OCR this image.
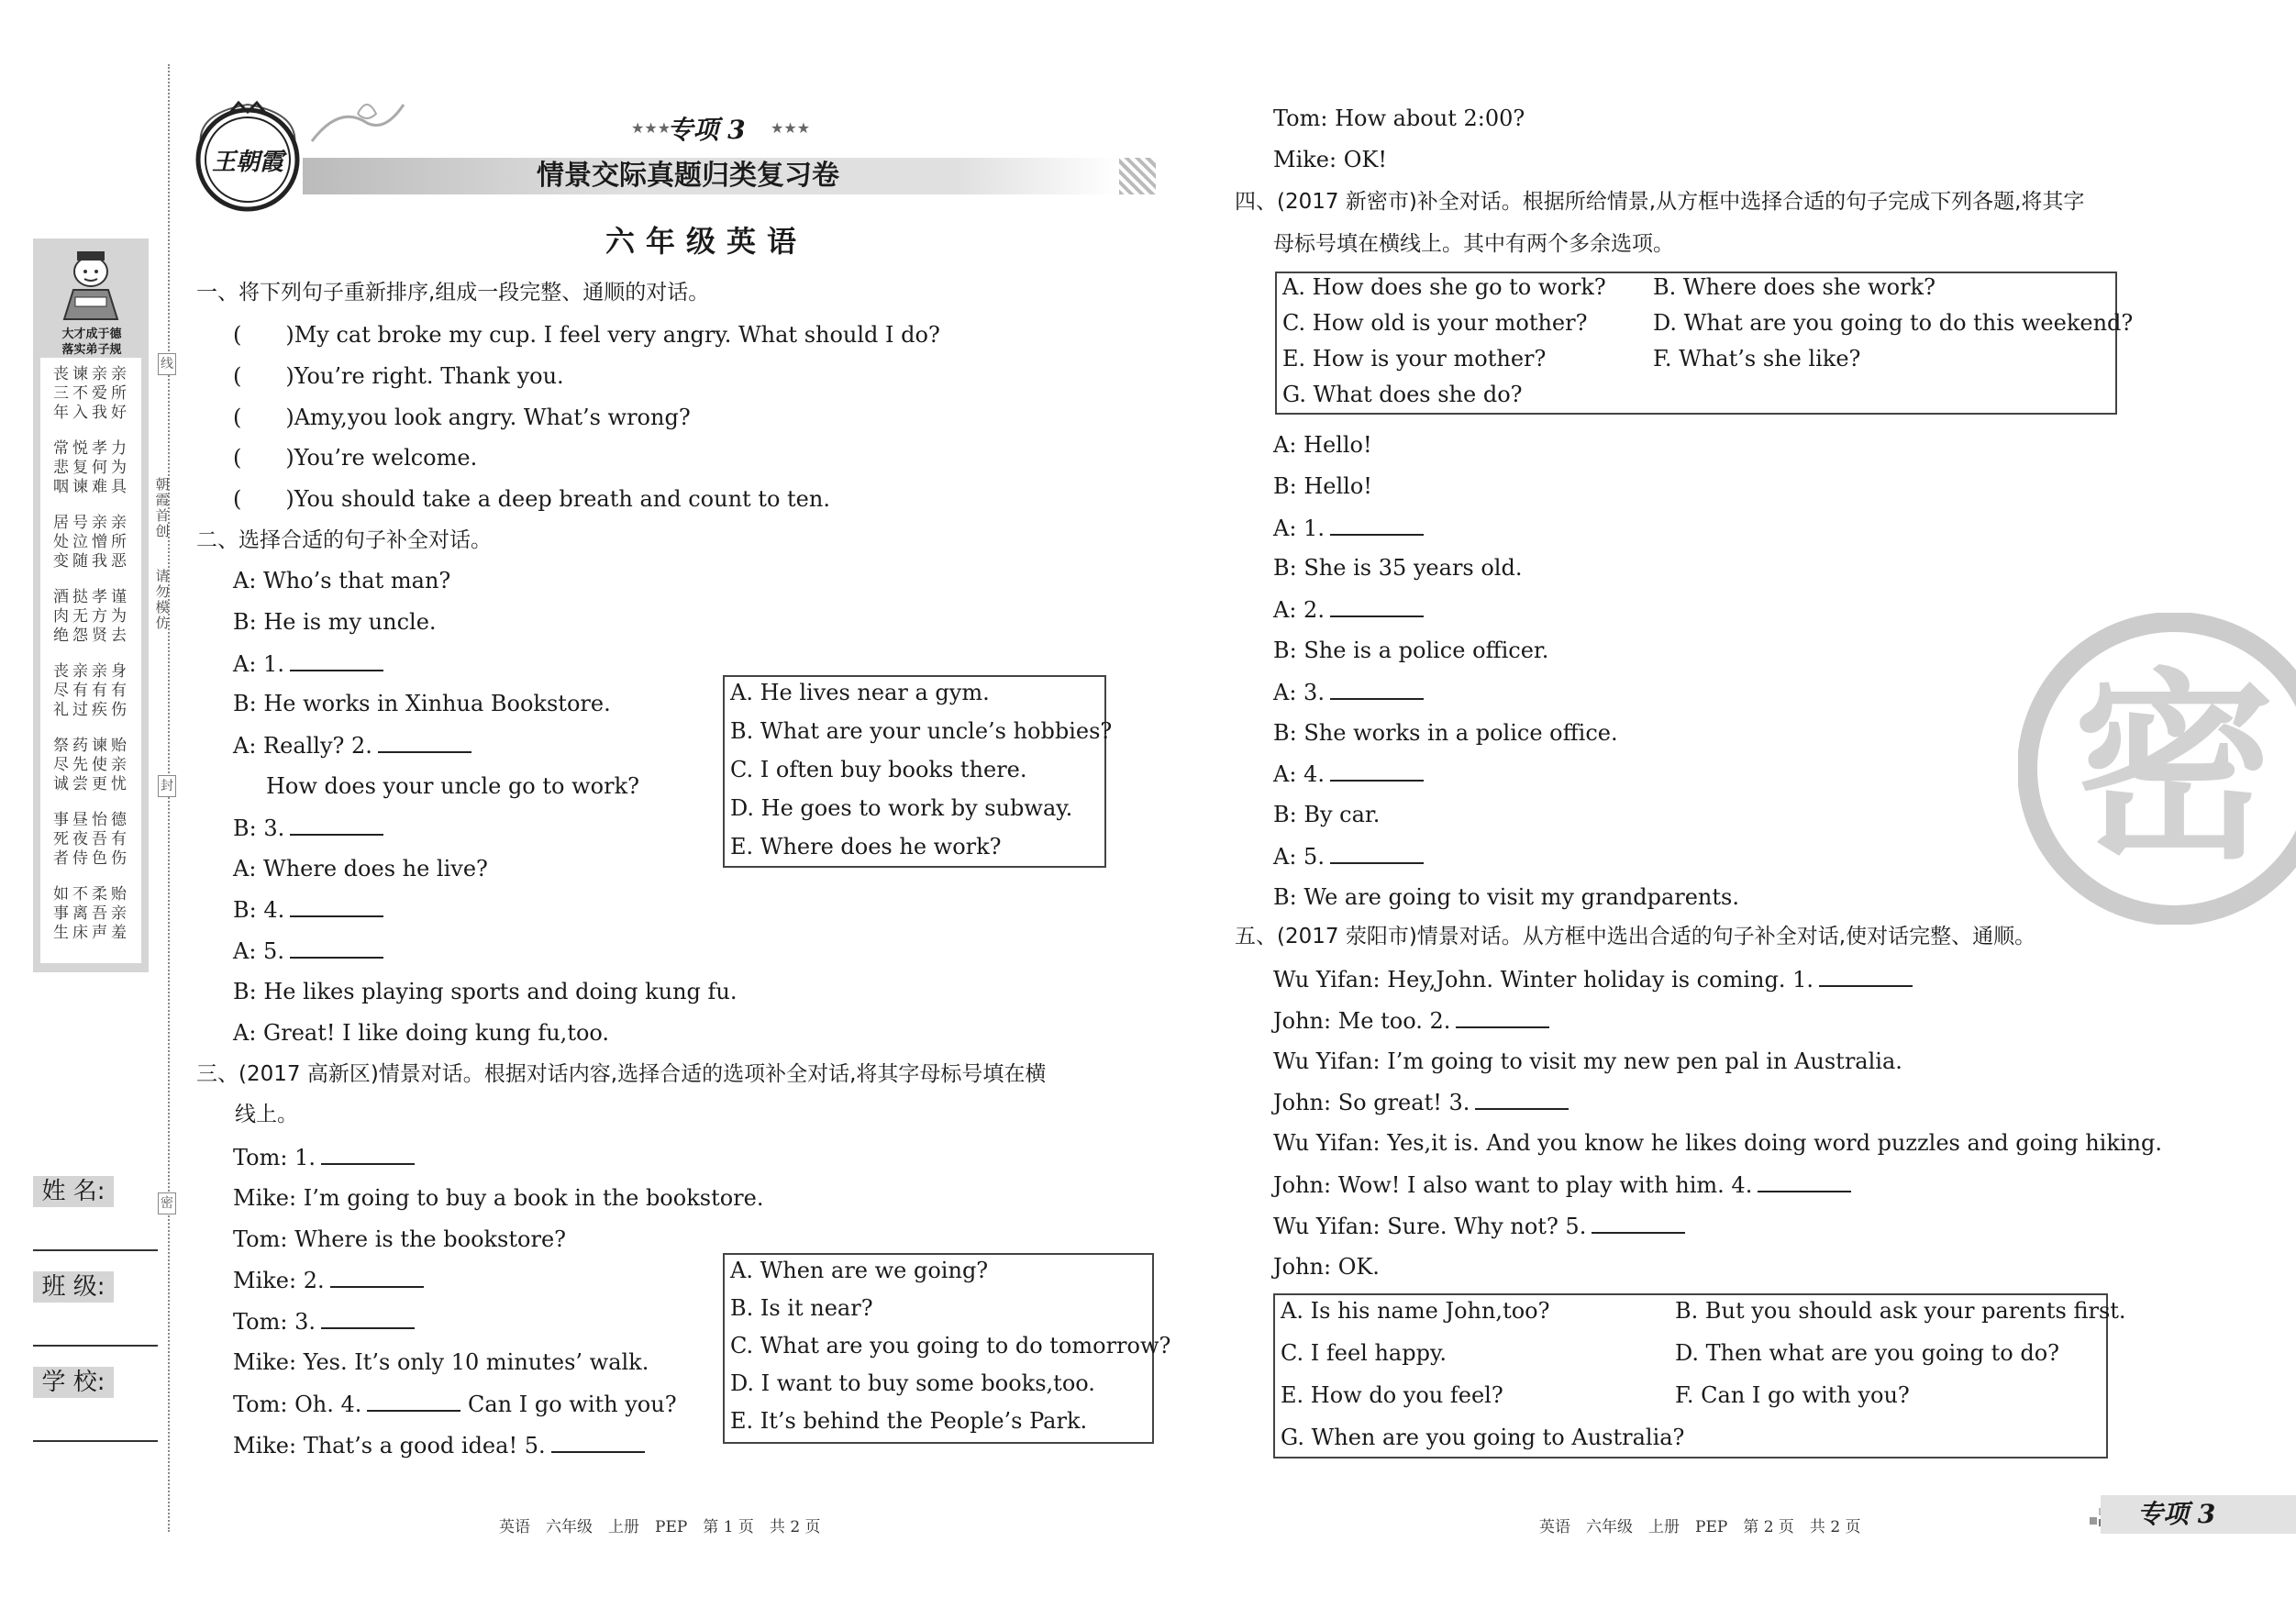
大才成于德
落实弟子规
丧谏亲亲
三不爱所
年入我好
常悦孝力
悲复何为
咽谏难具
居号亲亲
处泣憎所
变随我恶
酒挞孝谨
肉无方为
绝怨贤去
丧亲亲身
尽有有有
礼过疾伤
祭药谏贻
尽先使亲
诚尝更忧
事昼怡德
死夜吾有
者侍色伤
如不柔贻
事离吾亲
生床声羞
朝霞首创
请勿模仿
线
封
密
姓 名:
班 级:
学 校:
王朝霞
★★★
专项 3	★★★
情景交际真题归类复习卷
六年级英语
一、将下列句子重新排序,组成一段完整、通顺的对话。
(　　)My cat broke my cup. I feel very angry. What should I do?
(　　)You’re right. Thank you.
(　　)Amy,you look angry. What’s wrong?
(　　)You’re welcome.
(　　)You should take a deep breath and count to ten.
二、选择合适的句子补全对话。
A: Who’s that man?
B: He is my uncle.
A: 1.
B: He works in Xinhua Bookstore.
A: Really? 2.
How does your uncle go to work?
B: 3.
A: Where does he live?
B: 4.
A: 5.
B: He likes playing sports and doing kung fu.
A: Great! I like doing kung fu,too.
A. He lives near a gym.
B. What are your uncle’s hobbies?
C. I often buy books there.
D. He goes to work by subway.
E. Where does he work?
三、(2017 高新区)情景对话。根据对话内容,选择合适的选项补全对话,将其字母标号填在横
线上。
Tom: 1.
Mike: I’m going to buy a book in the bookstore.
Tom: Where is the bookstore?
Mike: 2.
Tom: 3.
Mike: Yes. It’s only 10 minutes’ walk.
Tom: Oh. 4.	Can I go with you?
Mike: That’s a good idea! 5.
A. When are we going?
B. Is it near?
C. What are you going to do tomorrow?
D. I want to buy some books,too.
E. It’s behind the People’s Park.
Tom: How about 2:00?
Mike: OK!
四、(2017 新密市)补全对话。根据所给情景,从方框中选择合适的句子完成下列各题,将其字
母标号填在横线上。其中有两个多余选项。
A. How does she go to work? B. Where does she work?
C. How old is your mother?	D. What are you going to do this weekend?
E. How is your mother?	F. What’s she like?
G. What does she do?
A: Hello!
B: Hello!
A: 1.
B: She is 35 years old.
A: 2.
B: She is a police officer.
A: 3.
B: She works in a police office.
A: 4.
B: By car.
A: 5.
B: We are going to visit my grandparents.
五、(2017 荥阳市)情景对话。从方框中选出合适的句子补全对话,使对话完整、通顺。
Wu Yifan: Hey,John. Winter holiday is coming. 1.
John: Me too. 2.
Wu Yifan: I’m going to visit my new pen pal in Australia.
John: So great! 3.
Wu Yifan: Yes,it is. And you know he likes doing word puzzles and going hiking.
John: Wow! I also want to play with him. 4.
Wu Yifan: Sure. Why not? 5.
John: OK.
A. Is his name John,too?	B. But you should ask your parents first.
C. I feel happy.	D. Then what are you going to do?
E. How do you feel?	F. Can I go with you?
G. When are you going to Australia?
密
英语　六年级　上册　PEP　第 1 页　共 2 页	英语　六年级　上册　PEP　第 2 页　共 2 页	专项 3
